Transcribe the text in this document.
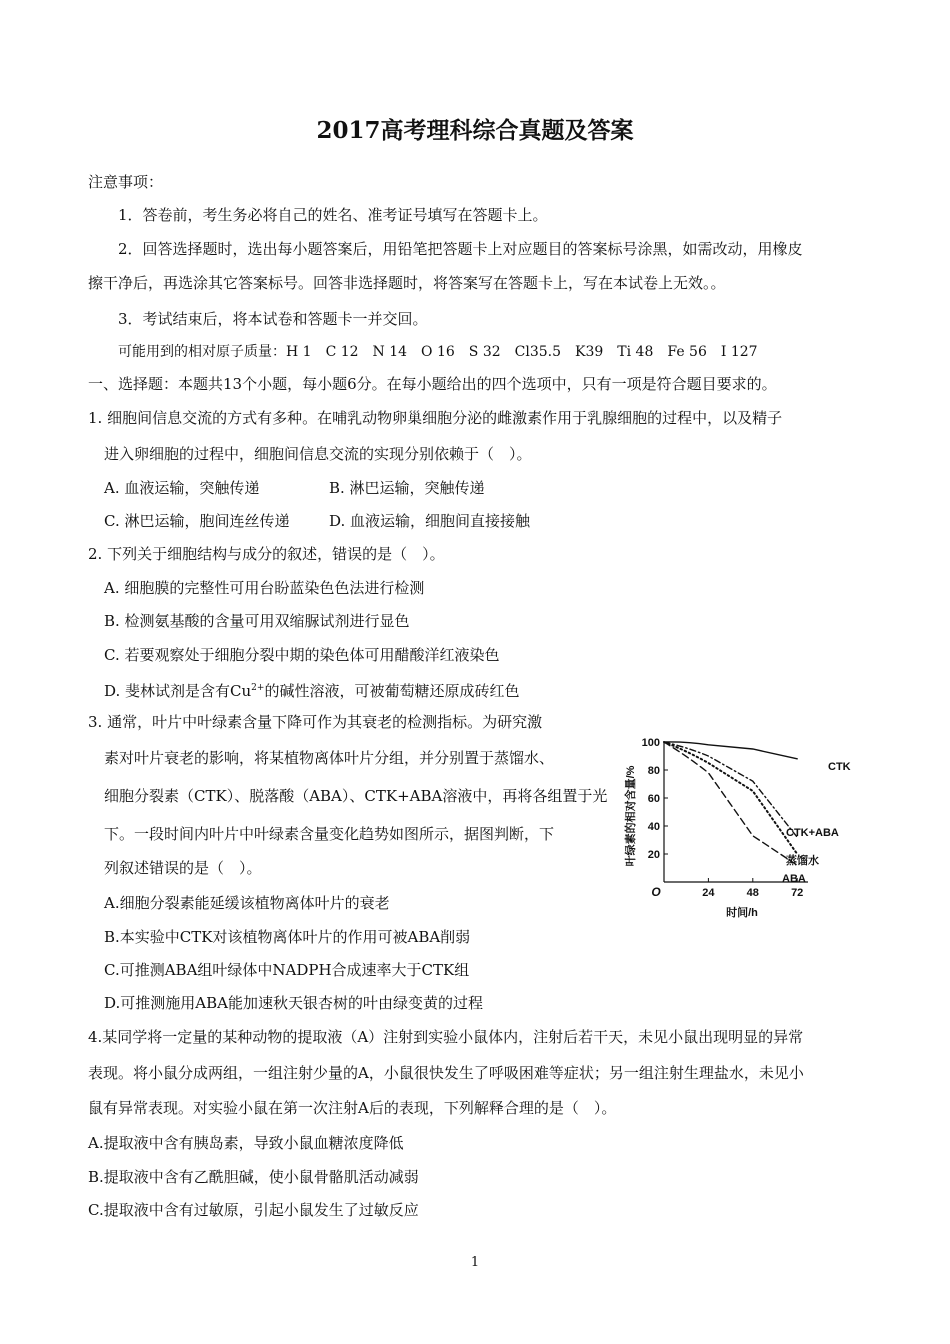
2017高考理科综合真题及答案
注意事项：
1．答卷前，考生务必将自己的姓名、准考证号填写在答题卡上。
2．回答选择题时，选出每小题答案后，用铅笔把答题卡上对应题目的答案标号涂黑，如需改动，用橡皮
擦干净后，再选涂其它答案标号。回答非选择题时，将答案写在答题卡上，写在本试卷上无效。。
3．考试结束后，将本试卷和答题卡一并交回。
可能用到的相对原子质量：H 1　C 12　N 14　O 16　S 32　Cl35.5　K39　Ti 48　Fe 56　I 127
一、选择题：本题共13个小题，每小题6分。在每小题给出的四个选项中，只有一项是符合题目要求的。
1. 细胞间信息交流的方式有多种。在哺乳动物卵巢细胞分泌的雌激素作用于乳腺细胞的过程中，以及精子
进入卵细胞的过程中，细胞间信息交流的实现分别依赖于（　）。
A. 血液运输，突触传递	B. 淋巴运输，突触传递
C. 淋巴运输，胞间连丝传递	D. 血液运输，细胞间直接接触
2. 下列关于细胞结构与成分的叙述，错误的是（　）。
A. 细胞膜的完整性可用台盼蓝染色色法进行检测
B. 检测氨基酸的含量可用双缩脲试剂进行显色
C. 若要观察处于细胞分裂中期的染色体可用醋酸洋红液染色
D. 斐林试剂是含有$Cu^{2+}$的碱性溶液，可被葡萄糖还原成砖红色
3. 通常，叶片中叶绿素含量下降可作为其衰老的检测指标。为研究激
素对叶片衰老的影响，将某植物离体叶片分组，并分别置于蒸馏水、
细胞分裂素（CTK）、脱落酸（ABA）、CTK+ABA溶液中，再将各组置于光
下。一段时间内叶片中叶绿素含量变化趋势如图所示，据图判断，下
列叙述错误的是（　）。
A.细胞分裂素能延缓该植物离体叶片的衰老
B.本实验中CTK对该植物离体叶片的作用可被ABA削弱
C.可推测ABA组叶绿体中NADPH合成速率大于CTK组
D.可推测施用ABA能加速秋天银杏树的叶由绿变黄的过程
4.某同学将一定量的某种动物的提取液（A）注射到实验小鼠体内，注射后若干天，未见小鼠出现明显的异常
表现。将小鼠分成两组，一组注射少量的A，小鼠很快发生了呼吸困难等症状；另一组注射生理盐水，未见小
鼠有异常表现。对实验小鼠在第一次注射A后的表现，下列解释合理的是（　）。
A.提取液中含有胰岛素，导致小鼠血糖浓度降低
B.提取液中含有乙酰胆碱，使小鼠骨骼肌活动减弱
C.提取液中含有过敏原，引起小鼠发生了过敏反应
叶绿素的相对含量/%
O
时间/h
24	48	72
20
40
60
80
100
CTK
CTK+ABA
蒸馏水
ABA
1
